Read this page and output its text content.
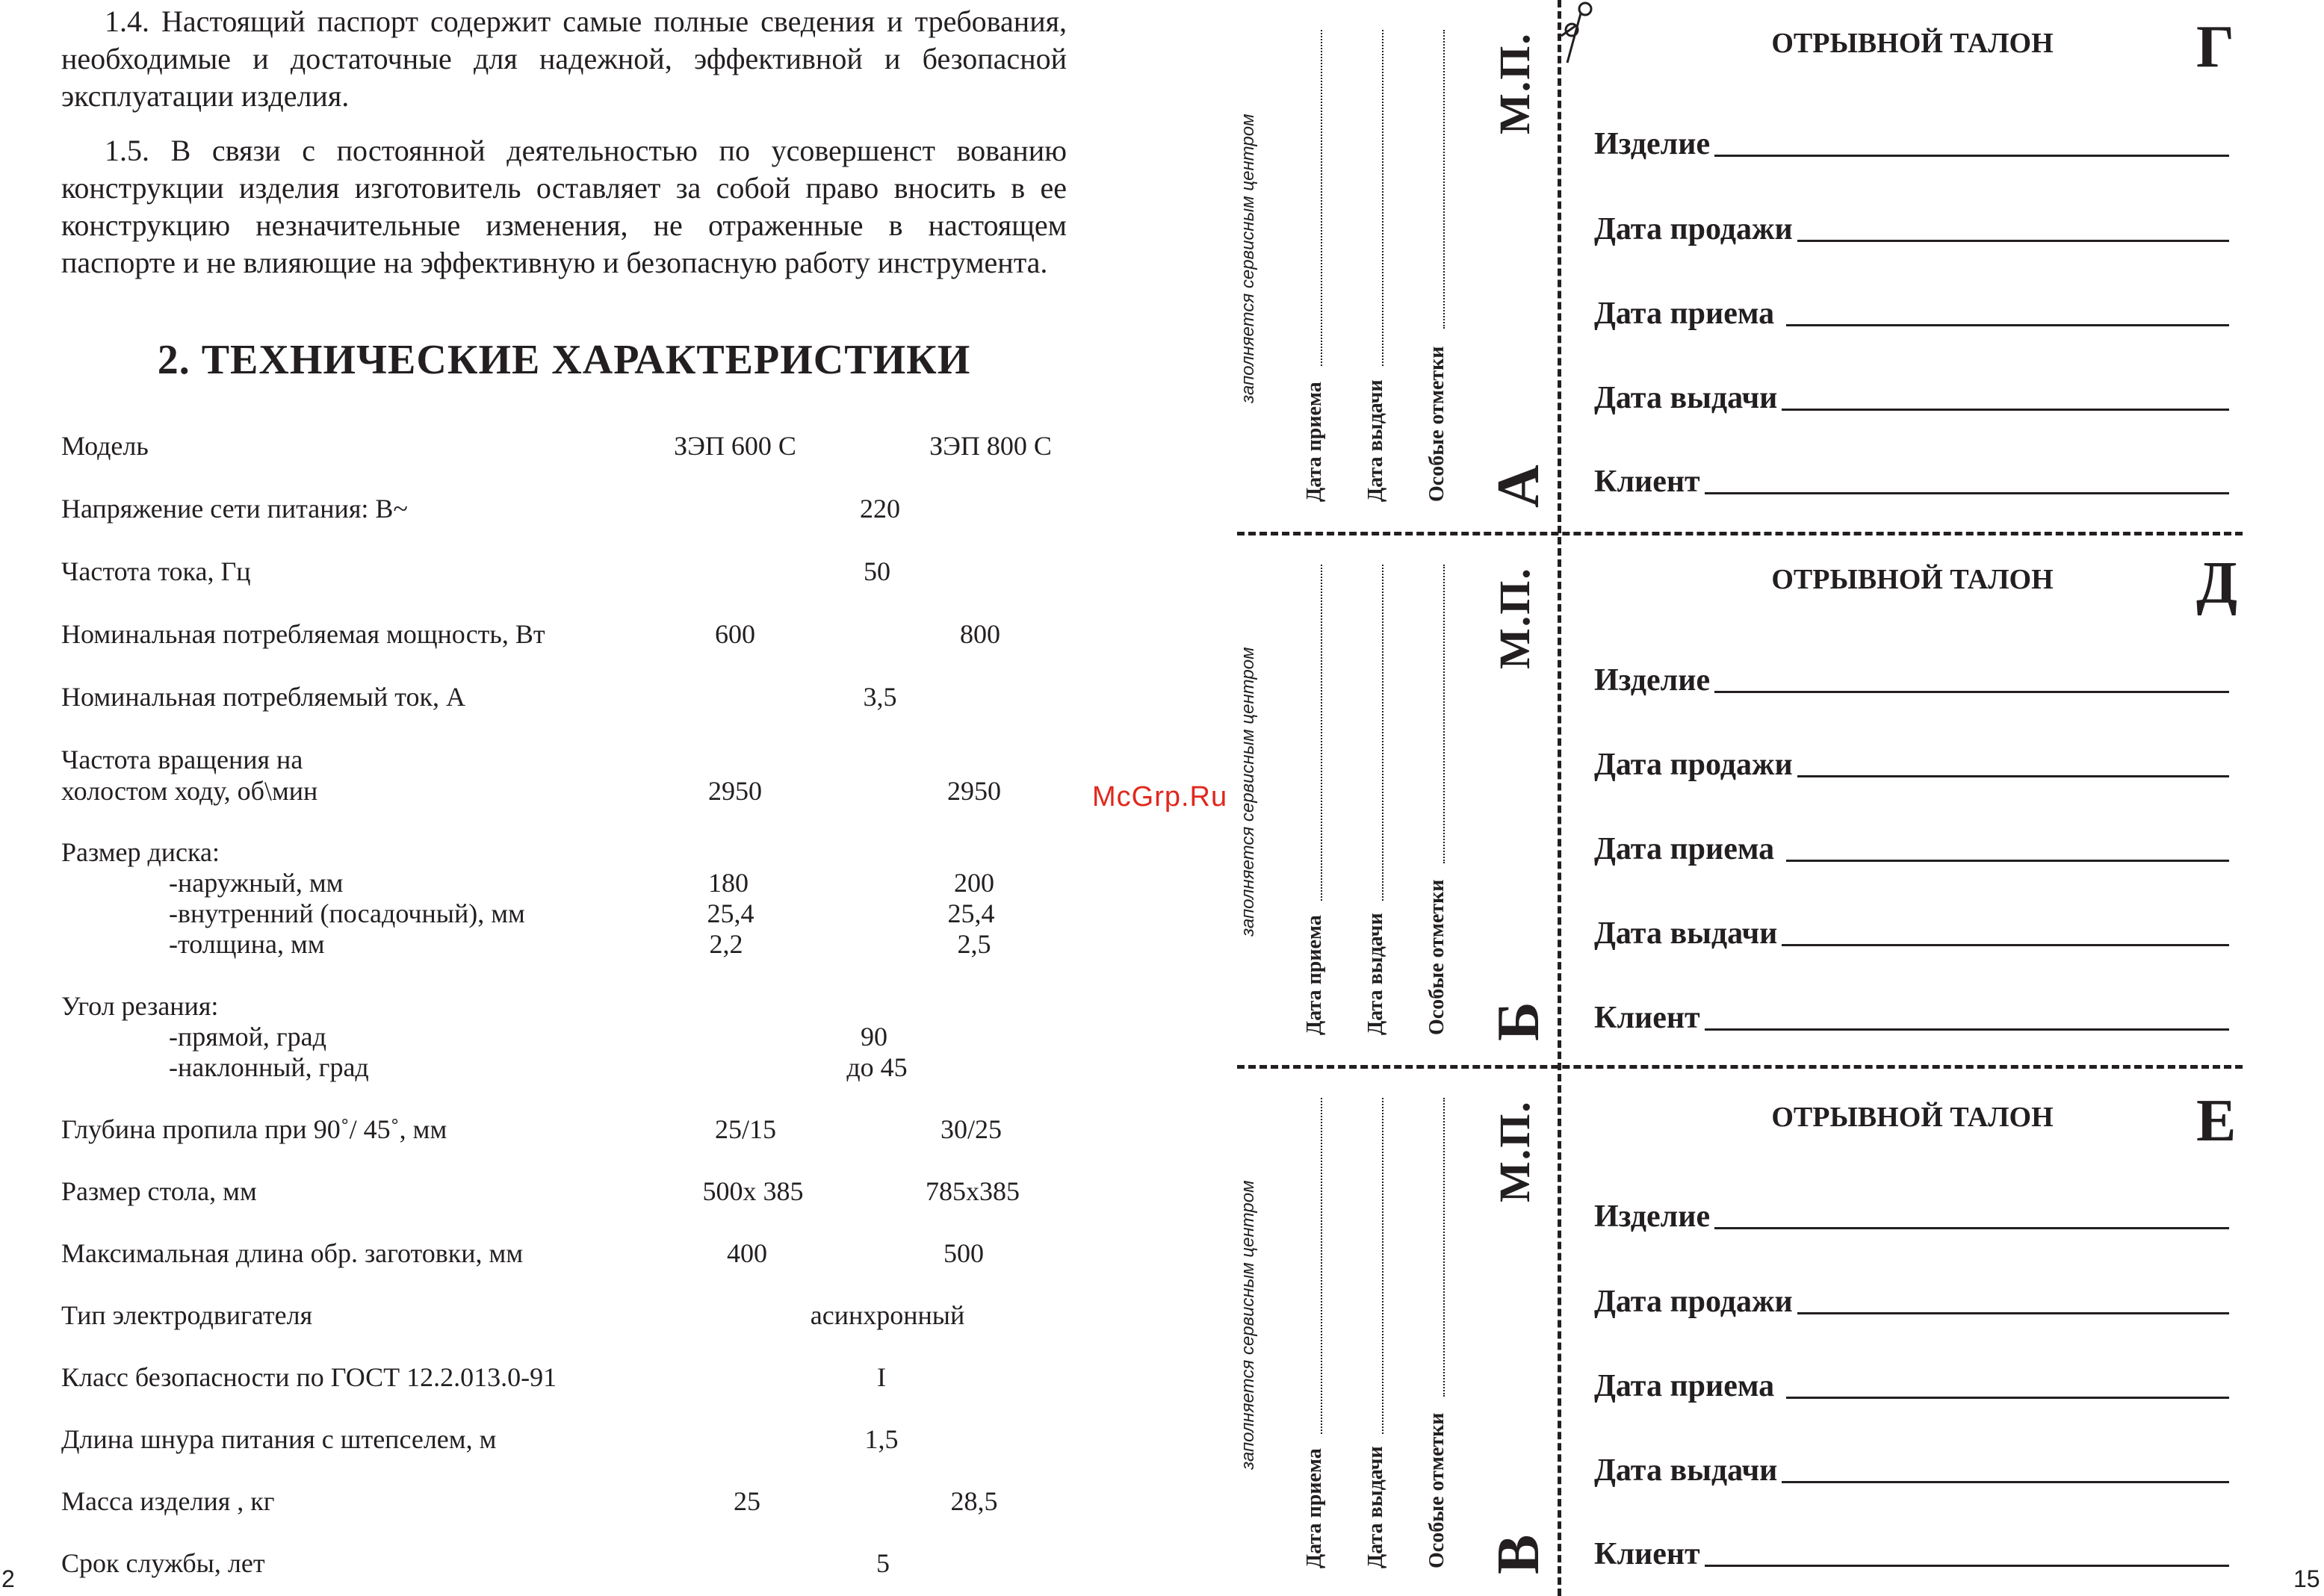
1.4. Настоящий паспорт содержит самые полные сведения и требования, необходимые и достаточные для надежной, эффективной и безопасной эксплуатации изделия.

1.5. В связи с постоянной деятельностью по усовершенст вованию конструкции изделия изготовитель оставляет за собой право вносить в ее конструкцию незначительные изменения, не отраженные в настоящем паспорте и не влияющие на эффективную и безопасную работу инструмента.

2. ТЕХНИЧЕСКИЕ ХАРАКТЕРИСТИКИ
Модель	ЗЭП 600 С	ЗЭП 800 С
Напряжение сети питания: В~	220
Частота тока, Гц	50
Номинальная потребляемая мощность, Вт	600	800
Номинальная потребляемый ток, А	3,5
Частота вращения на
холостом ходу, об\мин	2950	2950
Размер диска:
-наружный, мм	180	200
-внутренний (посадочный), мм	25,4	25,4
-толщина, мм	2,2	2,5
Угол резания:
-прямой, град	90
-наклонный, град	до 45
Глубина пропила при 90˚/ 45˚, мм	25/15	30/25
Размер стола, мм	500x 385	785x385
Максимальная длина обр. заготовки, мм	400	500
Тип электродвигателя	асинхронный
Класс безопасности по ГОСТ 12.2.013.0-91	I
Длина шнура питания с штепселем, м	1,5
Масса изделия , кг	25	28,5
Срок службы, лет	5
2
McGrp.Ru
15
заполняется сервисным центром
Дата приема Дата выдачи Особые отметки
М.П.
А
заполняется сервисным центром
Дата приема Дата выдачи Особые отметки
М.П.
Б
заполняется сервисным центром
Дата приема Дата выдачи Особые отметки
М.П.
В
ОТРЫВНОЙ ТАЛОН	Г
Изделие
Дата продажи
Дата приема
Дата выдачи
Клиент
ОТРЫВНОЙ ТАЛОН	Д
Изделие
Дата продажи
Дата приема
Дата выдачи
Клиент
ОТРЫВНОЙ ТАЛОН	Е
Изделие
Дата продажи
Дата приема
Дата выдачи
Клиент
